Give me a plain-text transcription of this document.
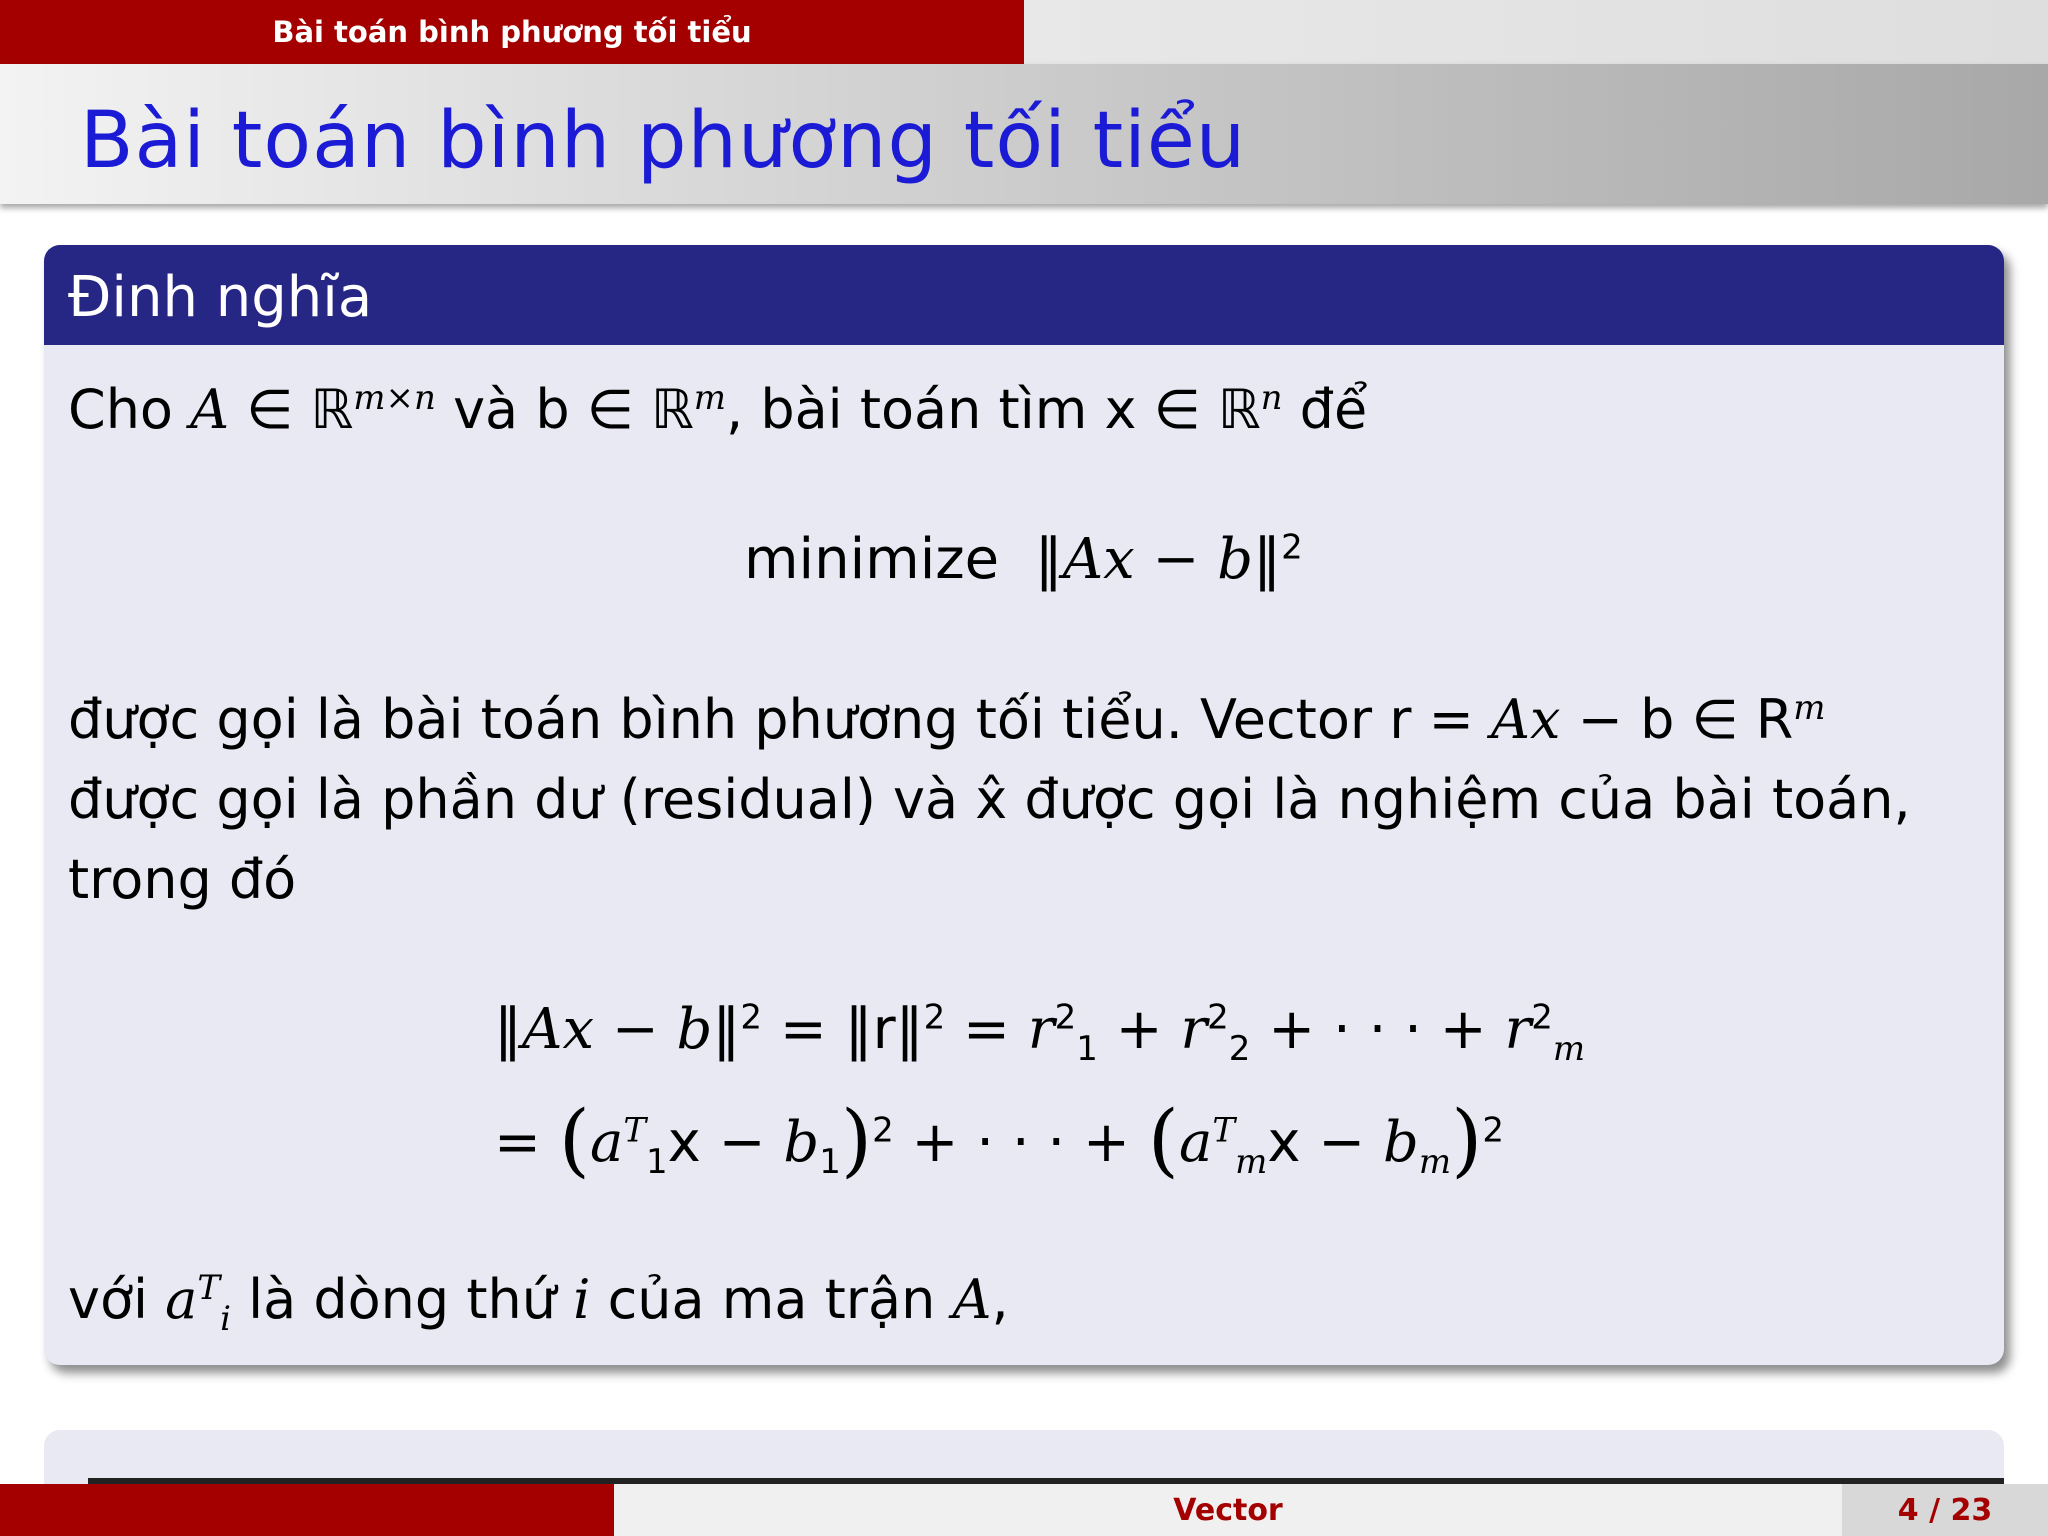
Bài toán bình phương tối tiểu
Bài toán bình phương tối tiểu
Đinh nghĩa
Cho A ∈ ℝ$^{m\times n}$ và b ∈ ℝ$^m$, bài toán tìm x ∈ ℝ$^n$ để
minimize ‖Ax − b‖$^2$
được gọi là bài toán bình phương tối tiểu. Vector r = Ax − b ∈ $R^m$
được gọi là phần dư (residual) và x̂ được gọi là nghiệm của bài toán,
trong đó
‖Ax − b‖$^2$ = ‖r‖$^2$ = $r^2_1 + r^2_2$ + · · · + $r^2_m$
= $(a^T_1x - b_1)^2$ + · · · + $(a^T_mx - b_m)^2$
với $a^T_i$ là dòng thứ i của ma trận A,
Vector	4 / 23
